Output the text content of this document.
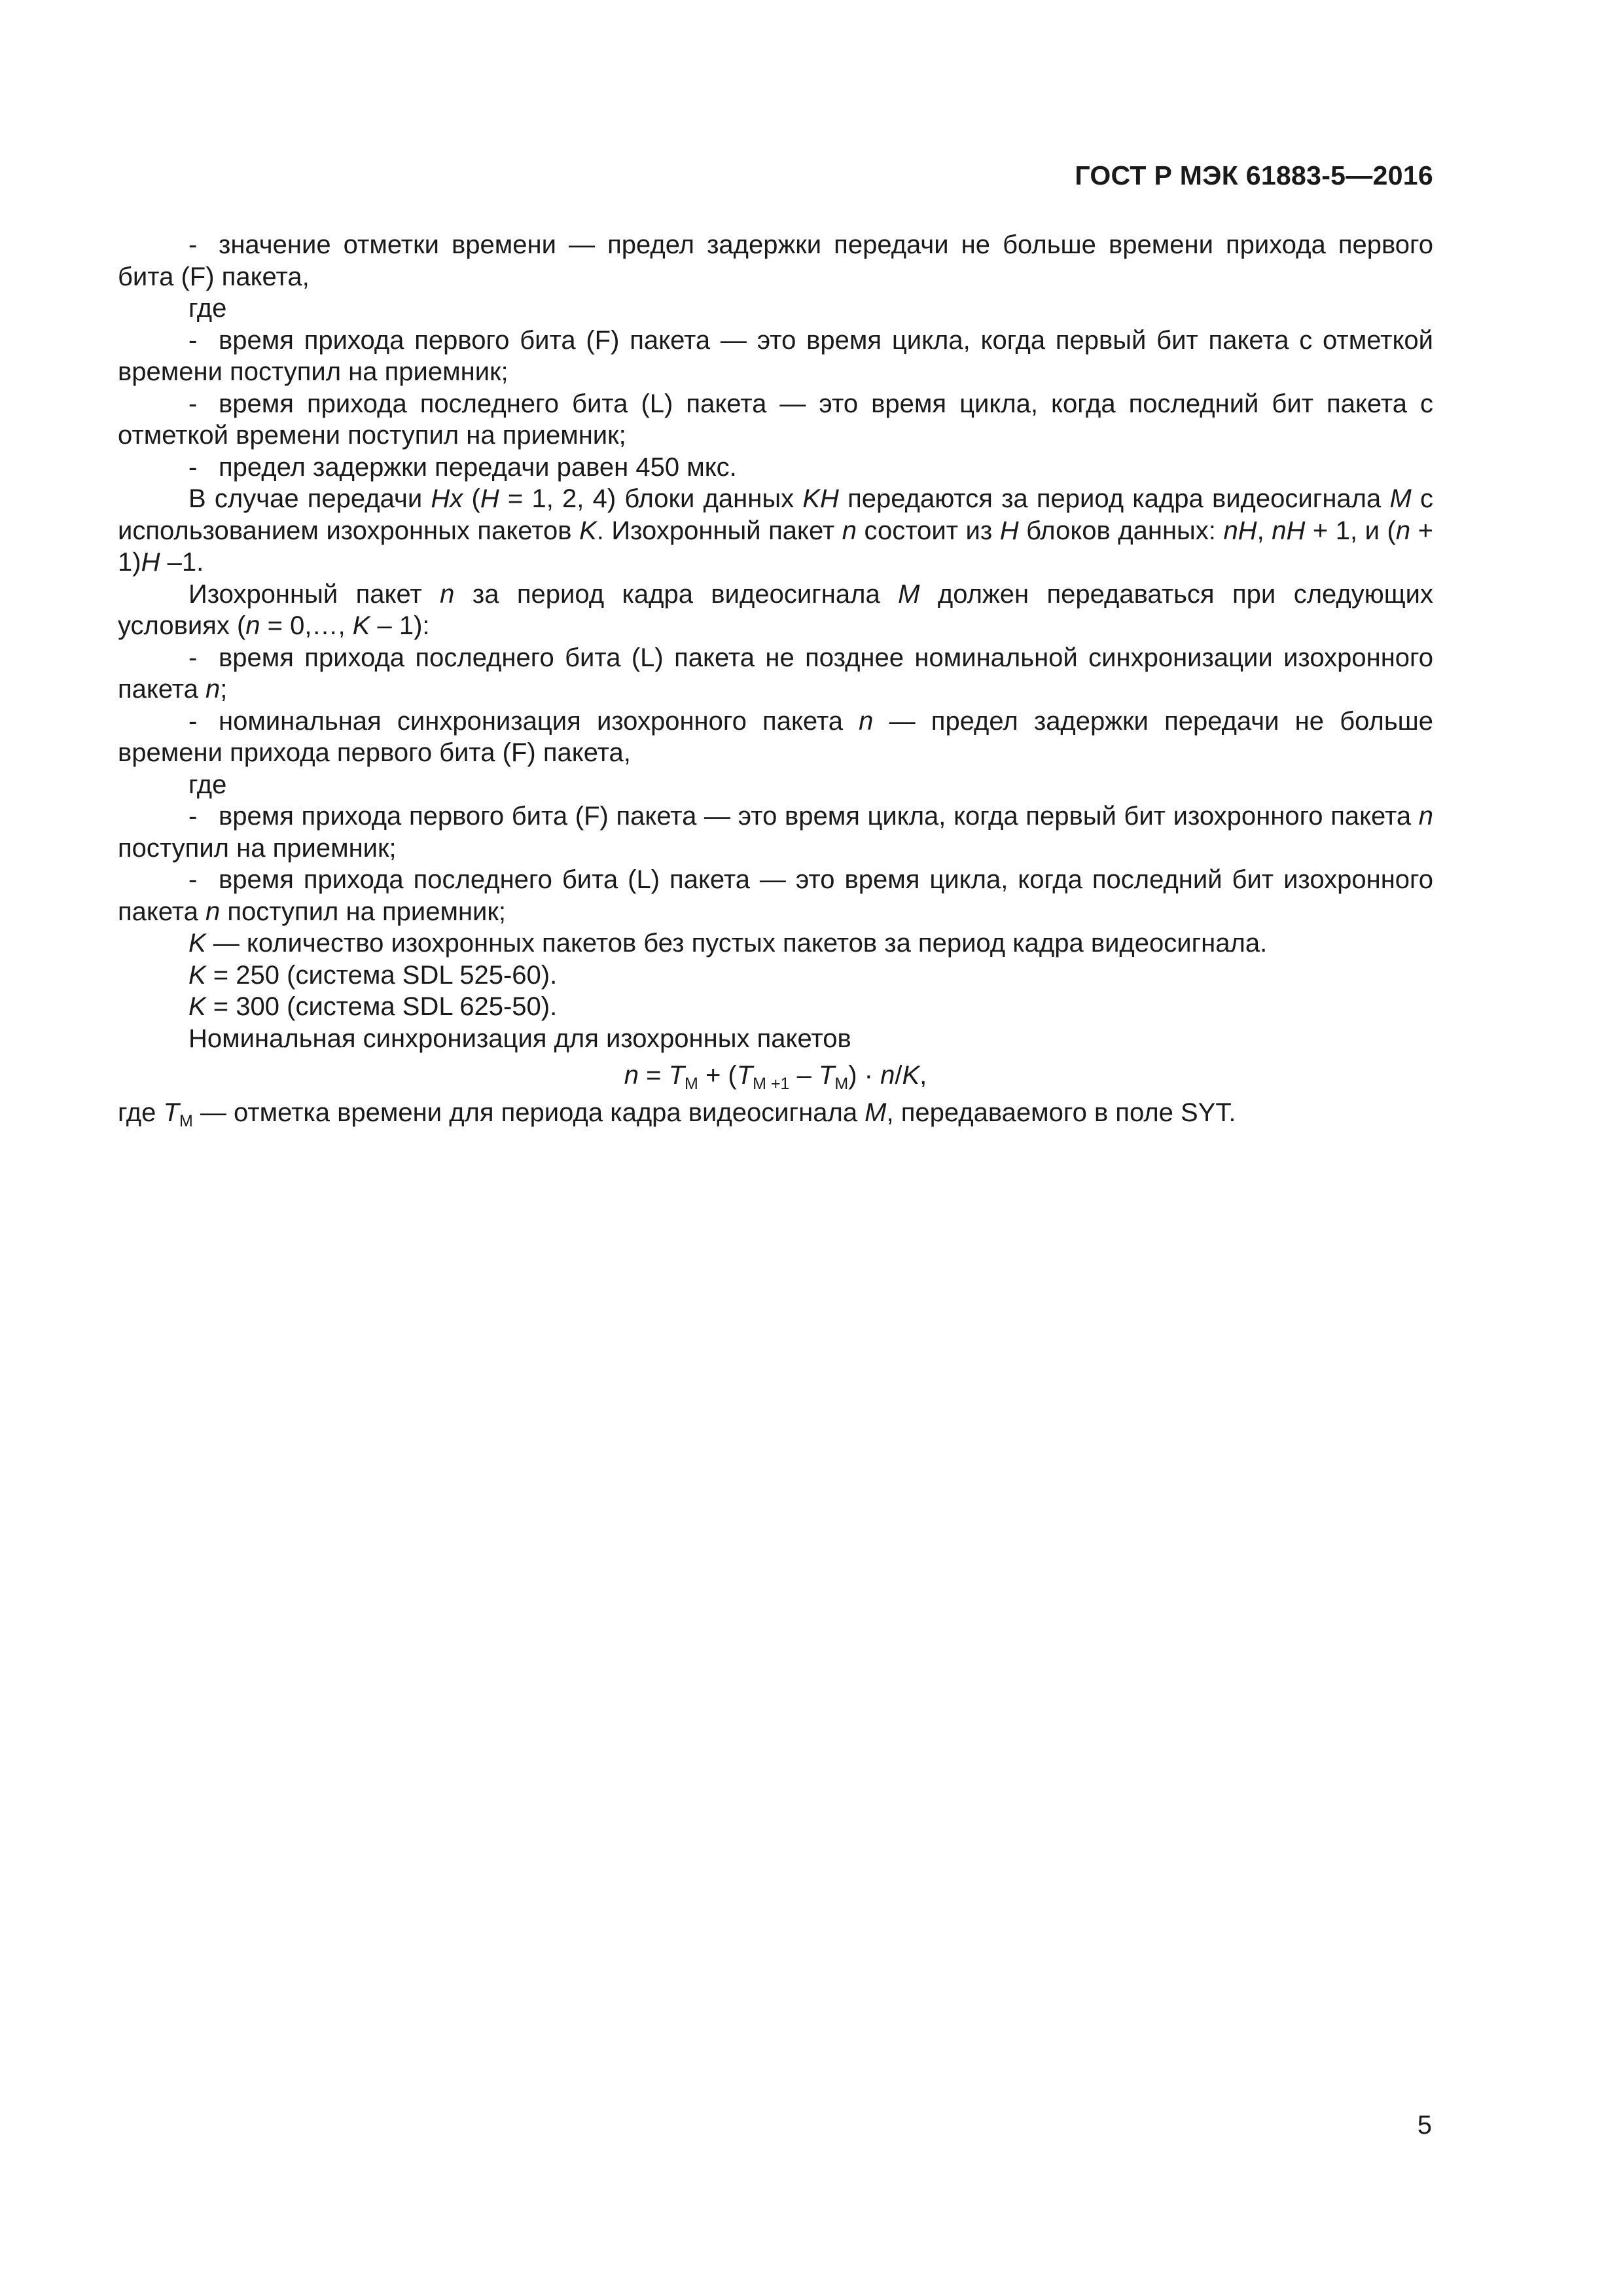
ГОСТ Р МЭК 61883-5—2016

- значение отметки времени — предел задержки передачи не больше времени прихода первого бита (F) пакета,

где

- время прихода первого бита (F) пакета — это время цикла, когда первый бит пакета с отметкой времени поступил на приемник;

- время прихода последнего бита (L) пакета — это время цикла, когда последний бит пакета с отметкой времени поступил на приемник;

- предел задержки передачи равен 450 мкс.

В случае передачи Hx (H = 1, 2, 4) блоки данных KH передаются за период кадра видеосигнала M с использованием изохронных пакетов K. Изохронный пакет n состоит из H блоков данных: nH, nH + 1, и (n + 1)H –1.

Изохронный пакет n за период кадра видеосигнала M должен передаваться при следующих условиях (n = 0,…, K – 1):

- время прихода последнего бита (L) пакета не позднее номинальной синхронизации изохронного пакета n;

- номинальная синхронизация изохронного пакета n — предел задержки передачи не больше времени прихода первого бита (F) пакета,

где

- время прихода первого бита (F) пакета — это время цикла, когда первый бит изохронного пакета n поступил на приемник;

- время прихода последнего бита (L) пакета — это время цикла, когда последний бит изохронного пакета n поступил на приемник;

K — количество изохронных пакетов без пустых пакетов за период кадра видеосигнала.

K = 250 (система SDL 525-60).

K = 300 (система SDL 625-50).

Номинальная синхронизация для изохронных пакетов

$n = T_M + (T_{M +1} - T_M) \cdot n/K$,

где $T_M$ — отметка времени для периода кадра видеосигнала M, передаваемого в поле SYT.

5
